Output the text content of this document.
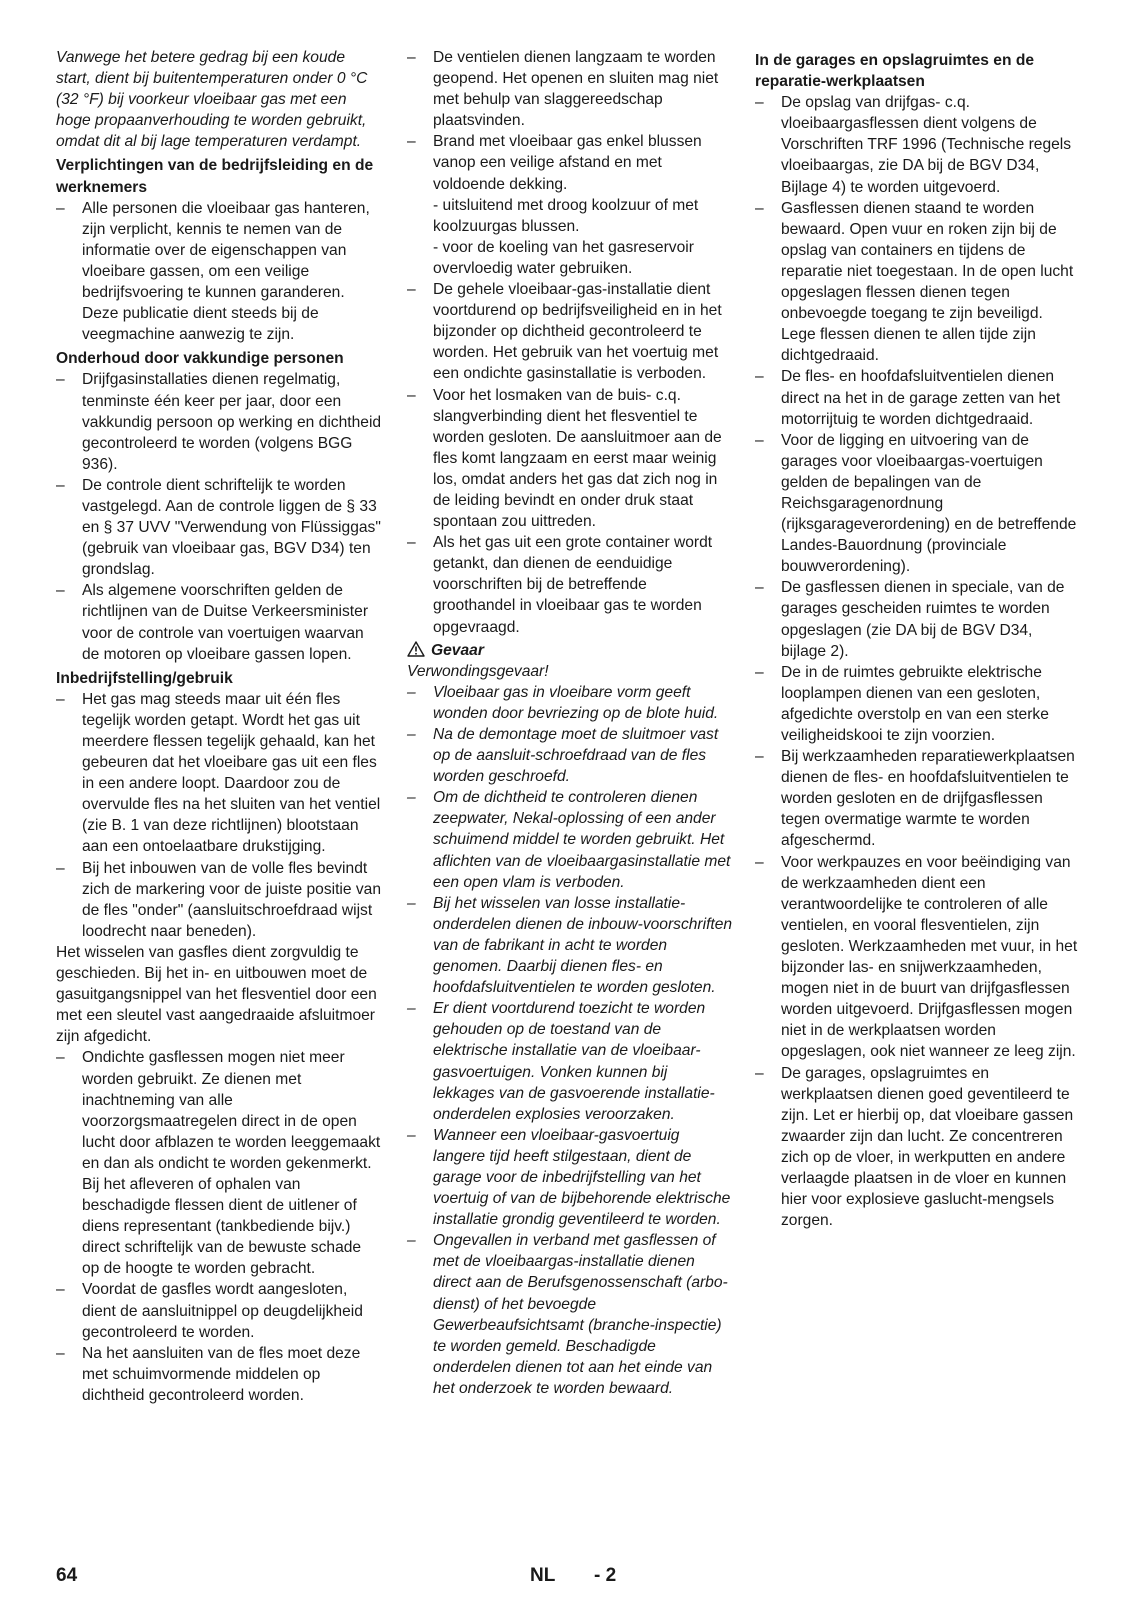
Vanwege het betere gedrag bij een koude start, dient bij buitentemperaturen onder 0 °C (32 °F) bij voorkeur vloeibaar gas met een hoge propaanverhouding te worden gebruikt, omdat dit al bij lage temperaturen verdampt.

Verplichtingen van de bedrijfsleiding en de werknemers

– Alle personen die vloeibaar gas hanteren, zijn verplicht, kennis te nemen van de informatie over de eigenschappen van vloeibare gassen, om een veilige bedrijfsvoering te kunnen garanderen. Deze publicatie dient steeds bij de veegmachine aanwezig te zijn.

Onderhoud door vakkundige personen

– Drijfgasinstallaties dienen regelmatig, tenminste één keer per jaar, door een vakkundig persoon op werking en dichtheid gecontroleerd te worden (volgens BGG 936).
– De controle dient schriftelijk te worden vastgelegd. Aan de controle liggen de § 33 en § 37 UVV "Verwendung von Flüssiggas" (gebruik van vloeibaar gas, BGV D34) ten grondslag.
– Als algemene voorschriften gelden de richtlijnen van de Duitse Verkeersminister voor de controle van voertuigen waarvan de motoren op vloeibare gassen lopen.

Inbedrijfstelling/gebruik

– Het gas mag steeds maar uit één fles tegelijk worden getapt. Wordt het gas uit meerdere flessen tegelijk gehaald, kan het gebeuren dat het vloeibare gas uit een fles in een andere loopt. Daardoor zou de overvulde fles na het sluiten van het ventiel (zie B. 1 van deze richtlijnen) blootstaan aan een ontoelaatbare drukstijging.
– Bij het inbouwen van de volle fles bevindt zich de markering voor de juiste positie van de fles "onder" (aansluitschroefdraad wijst loodrecht naar beneden).

Het wisselen van gasfles dient zorgvuldig te geschieden. Bij het in- en uitbouwen moet de gasuitgangsnippel van het flesventiel door een met een sleutel vast aangedraaide afsluitmoer zijn afgedicht.

– Ondichte gasflessen mogen niet meer worden gebruikt. Ze dienen met inachtneming van alle voorzorgsmaatregelen direct in de open lucht door afblazen te worden leeggemaakt en dan als ondicht te worden gekenmerkt. Bij het afleveren of ophalen van beschadigde flessen dient de uitlener of diens representant (tankbediende bijv.) direct schriftelijk van de bewuste schade op de hoogte te worden gebracht.
– Voordat de gasfles wordt aangesloten, dient de aansluitnippel op deugdelijkheid gecontroleerd te worden.
– Na het aansluiten van de fles moet deze met schuimvormende middelen op dichtheid gecontroleerd worden.
– De ventielen dienen langzaam te worden geopend. Het openen en sluiten mag niet met behulp van slaggereedschap plaatsvinden.
– Brand met vloeibaar gas enkel blussen vanop een veilige afstand en met voldoende dekking.

- uitsluitend met droog koolzuur of met koolzuurgas blussen.

- voor de koeling van het gasreservoir overvloedig water gebruiken.

– De gehele vloeibaar-gas-installatie dient voortdurend op bedrijfsveiligheid en in het bijzonder op dichtheid gecontroleerd te worden. Het gebruik van het voertuig met een ondichte gasinstallatie is verboden.
– Voor het losmaken van de buis- c.q. slangverbinding dient het flesventiel te worden gesloten. De aansluitmoer aan de fles komt langzaam en eerst maar weinig los, omdat anders het gas dat zich nog in de leiding bevindt en onder druk staat spontaan zou uittreden.
– Als het gas uit een grote container wordt getankt, dan dienen de eenduidige voorschriften bij de betreffende groothandel in vloeibaar gas te worden opgevraagd.

Gevaar

Verwondingsgevaar!

– Vloeibaar gas in vloeibare vorm geeft wonden door bevriezing op de blote huid.
– Na de demontage moet de sluitmoer vast op de aansluit-schroefdraad van de fles worden geschroefd.
– Om de dichtheid te controleren dienen zeepwater, Nekal-oplossing of een ander schuimend middel te worden gebruikt. Het aflichten van de vloeibaargasinstallatie met een open vlam is verboden.
– Bij het wisselen van losse installatie-onderdelen dienen de inbouw-voorschriften van de fabrikant in acht te worden genomen. Daarbij dienen fles- en hoofdafsluitventielen te worden gesloten.
– Er dient voortdurend toezicht te worden gehouden op de toestand van de elektrische installatie van de vloeibaar-gasvoertuigen. Vonken kunnen bij lekkages van de gasvoerende installatie-onderdelen explosies veroorzaken.
– Wanneer een vloeibaar-gasvoertuig langere tijd heeft stilgestaan, dient de garage voor de inbedrijfstelling van het voertuig of van de bijbehorende elektrische installatie grondig geventileerd te worden.
– Ongevallen in verband met gasflessen of met de vloeibaargas-installatie dienen direct aan de Berufsgenossenschaft (arbo-dienst) of het bevoegde Gewerbeaufsichtsamt (branche-inspectie) te worden gemeld. Beschadigde onderdelen dienen tot aan het einde van het onderzoek te worden bewaard.

In de garages en opslagruimtes en de reparatie-werkplaatsen

– De opslag van drijfgas- c.q. vloeibaargasflessen dient volgens de Vorschriften TRF 1996 (Technische regels vloeibaargas, zie DA bij de BGV D34, Bijlage 4) te worden uitgevoerd.
– Gasflessen dienen staand te worden bewaard. Open vuur en roken zijn bij de opslag van containers en tijdens de reparatie niet toegestaan. In de open lucht opgeslagen flessen dienen tegen onbevoegde toegang te zijn beveiligd. Lege flessen dienen te allen tijde zijn dichtgedraaid.
– De fles- en hoofdafsluitventielen dienen direct na het in de garage zetten van het motorrijtuig te worden dichtgedraaid.
– Voor de ligging en uitvoering van de garages voor vloeibaargas-voertuigen gelden de bepalingen van de Reichsgaragenordnung (rijksgarageverordening) en de betreffende Landes-Bauordnung (provinciale bouwverordening).
– De gasflessen dienen in speciale, van de garages gescheiden ruimtes te worden opgeslagen (zie DA bij de BGV D34, bijlage 2).
– De in de ruimtes gebruikte elektrische looplampen dienen van een gesloten, afgedichte overstolp en van een sterke veiligheidskooi te zijn voorzien.
– Bij werkzaamheden reparatiewerkplaatsen dienen de fles- en hoofdafsluitventielen te worden gesloten en de drijfgasflessen tegen overmatige warmte te worden afgeschermd.
– Voor werkpauzes en voor beëindiging van de werkzaamheden dient een verantwoordelijke te controleren of alle ventielen, en vooral flesventielen, zijn gesloten. Werkzaamheden met vuur, in het bijzonder las- en snijwerkzaamheden, mogen niet in de buurt van drijfgasflessen worden uitgevoerd. Drijfgasflessen mogen niet in de werkplaatsen worden opgeslagen, ook niet wanneer ze leeg zijn.
– De garages, opslagruimtes en werkplaatsen dienen goed geventileerd te zijn. Let er hierbij op, dat vloeibare gassen zwaarder zijn dan lucht. Ze concentreren zich op de vloer, in werkputten en andere verlaagde plaatsen in de vloer en kunnen hier voor explosieve gaslucht-mengsels zorgen.
64	NL - 2
